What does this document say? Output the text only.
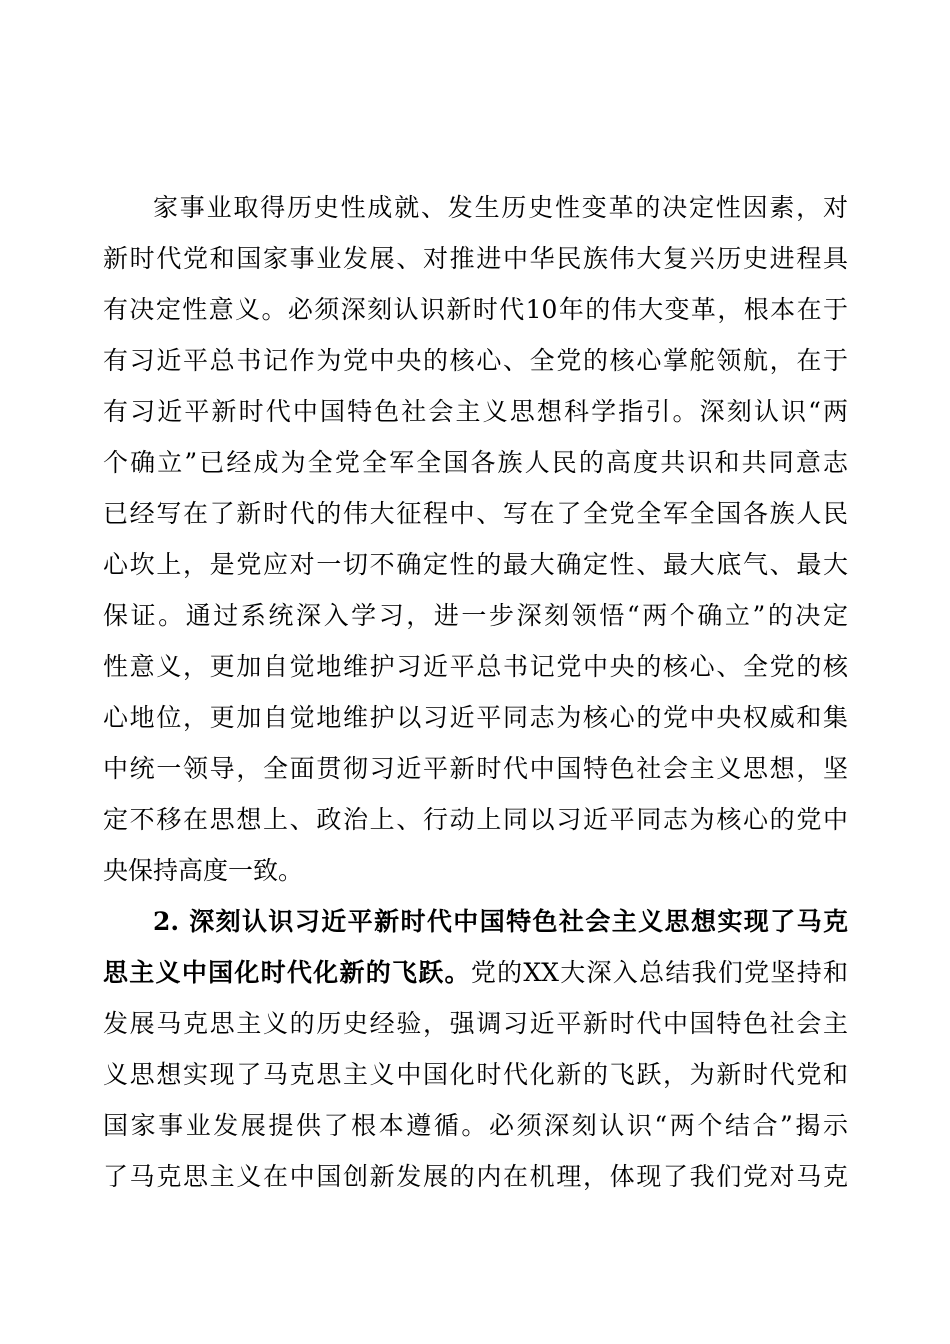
家事业取得历史性成就、发生历史性变革的决定性因素，对
新时代党和国家事业发展、对推进中华民族伟大复兴历史进程具
有决定性意义。必须深刻认识新时代10年的伟大变革，根本在于
有习近平总书记作为党中央的核心、全党的核心掌舵领航，在于
有习近平新时代中国特色社会主义思想科学指引。深刻认识“两
个确立”已经成为全党全军全国各族人民的高度共识和共同意志
已经写在了新时代的伟大征程中、写在了全党全军全国各族人民
心坎上，是党应对一切不确定性的最大确定性、最大底气、最大
保证。通过系统深入学习，进一步深刻领悟“两个确立”的决定
性意义，更加自觉地维护习近平总书记党中央的核心、全党的核
心地位，更加自觉地维护以习近平同志为核心的党中央权威和集
中统一领导，全面贯彻习近平新时代中国特色社会主义思想，坚
定不移在思想上、政治上、行动上同以习近平同志为核心的党中
央保持高度一致。
2. 深刻认识习近平新时代中国特色社会主义思想实现了马克
思主义中国化时代化新的飞跃。党的XX大深入总结我们党坚持和
发展马克思主义的历史经验，强调习近平新时代中国特色社会主
义思想实现了马克思主义中国化时代化新的飞跃，为新时代党和
国家事业发展提供了根本遵循。必须深刻认识“两个结合”揭示
了马克思主义在中国创新发展的内在机理，体现了我们党对马克
